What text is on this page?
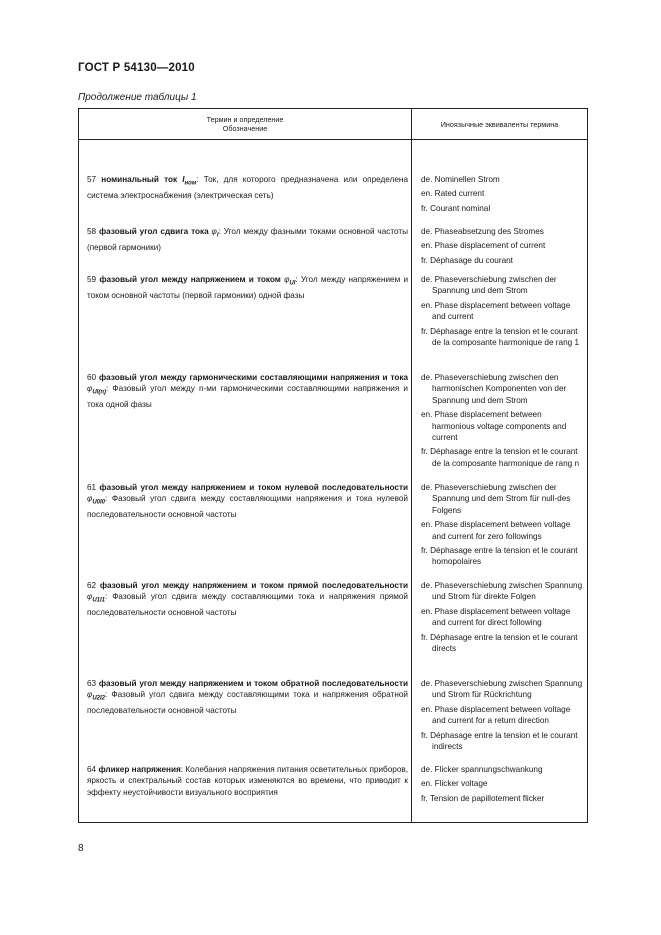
ГОСТ Р 54130—2010
Продолжение таблицы 1
Термин и определение
Обозначение	Иноязычные эквиваленты термина
57 номинальный ток $I_{ном}$: Ток, для которого предназначена или определена система электроснабжения (электрическая сеть)
de. Nominellen Strom
en. Rated current
fr. Courant nominal
58 фазовый угол сдвига тока $\varphi_I$: Угол между фазными токами основной частоты (первой гармоники)
de. Phaseabsetzung des Stromes
en. Phase displacement of current
fr. Déphasage du courant
59 фазовый угол между напряжением и током $\varphi_{UI}$: Угол между напряжением и током основной частоты (первой гармоники) одной фазы
de. Phaseverschiebung zwischen der Spannung und dem Strom
en. Phase displacement between voltage and current
fr. Déphasage entre la tension et le courant de la composante harmonique de rang 1
60 фазовый угол между гармоническими составляющими напряжения и тока $\varphi_{UI(n)}$: Фазовый угол между n-ми гармоническими составляющими напряжения и тока одной фазы
de. Phaseverschiebung zwischen den harmonischen Komponenten von der Spannung und dem Strom
en. Phase displacement between harmonious voltage components and current
fr. Déphasage entre la tension et le courant de la composante harmonique de rang n
61 фазовый угол между напряжением и током нулевой последовательности $\varphi_{U0I0}$: Фазовый угол сдвига между составляющими напряжения и тока нулевой последовательности основной частоты
de. Phaseverschiebung zwischen der Spannung und dem Strom für null-des Folgens
en. Phase displacement between voltage and current for zero followings
fr. Déphasage entre la tension et le courant homopolaires
62 фазовый угол между напряжением и током прямой последовательности $\varphi_{U1I1}$: Фазовый угол сдвига между составляющими тока и напряжения прямой последовательности основной частоты
de. Phaseverschiebung zwischen Spannung und Strom für direkte Folgen
en. Phase displacement between voltage and current for direct following
fr. Déphasage entre la tension et le courant directs
63 фазовый угол между напряжением и током обратной последовательности $\varphi_{U2I2}$: Фазовый угол сдвига между составляющими тока и напряжения обратной последовательности основной частоты
de. Phaseverschiebung zwischen Spannung und Strom für Rückrichtung
en. Phase displacement between voltage and current for a return direction
fr. Déphasage entre la tension et le courant indirects
64 фликер напряжения: Колебания напряжения питания осветительных приборов, яркость и спектральный состав которых изменяются во времени, что приводит к эффекту неустойчивости визуального восприятия
de. Flicker spannungschwankung
en. Flicker voltage
fr. Tension de papillotement flicker
8
